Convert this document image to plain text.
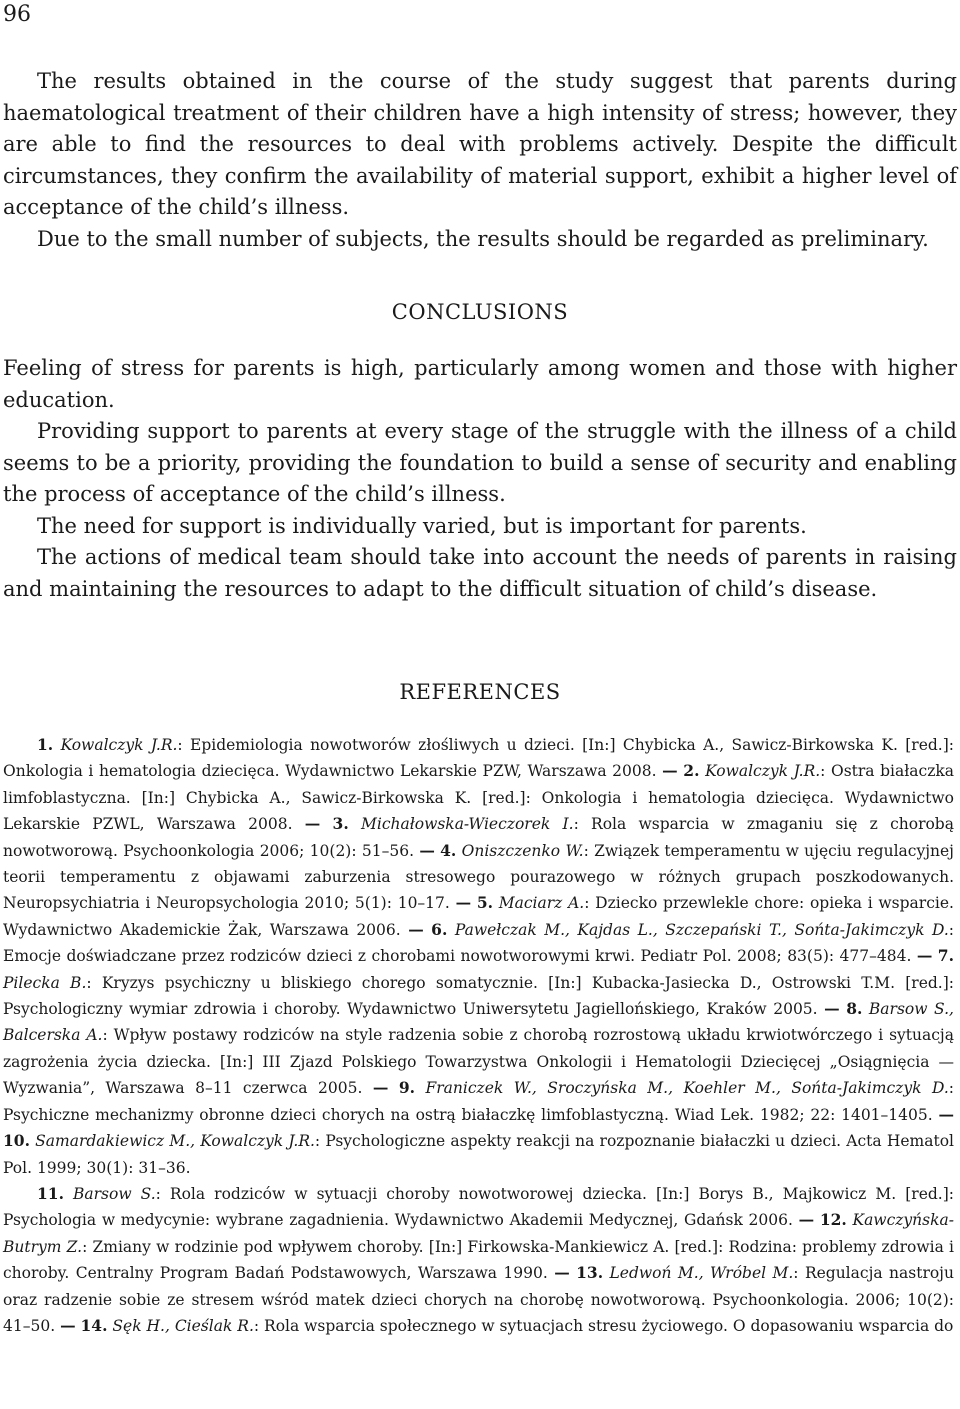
96

The results obtained in the course of the study suggest that parents during haematological treatment of their children have a high intensity of stress; however, they are able to find the resources to deal with problems actively. Despite the difficult circumstances, they confirm the availability of material support, exhibit a higher level of acceptance of the child’s illness.

Due to the small number of subjects, the results should be regarded as preliminary.

CONCLUSIONS

Feeling of stress for parents is high, particularly among women and those with higher education.

Providing support to parents at every stage of the struggle with the illness of a child seems to be a priority, providing the foundation to build a sense of security and enabling the process of acceptance of the child’s illness.

The need for support is individually varied, but is important for parents.

The actions of medical team should take into account the needs of parents in raising and maintaining the resources to adapt to the difficult situation of child’s disease.

REFERENCES

1. Kowalczyk J.R.: Epidemiologia nowotworów złośliwych u dzieci. [In:] Chybicka A., Sawicz-Birkowska K. [red.]: Onkologia i hematologia dziecięca. Wydawnictwo Lekarskie PZW, Warszawa 2008. — 2. Kowalczyk J.R.: Ostra białaczka limfoblastyczna. [In:] Chybicka A., Sawicz-Birkowska K. [red.]: Onkologia i hematologia dziecięca. Wydawnictwo Lekarskie PZWL, Warszawa 2008. — 3. Michałowska-Wieczorek I.: Rola wsparcia w zmaganiu się z chorobą nowotworową. Psychoonkologia 2006; 10(2): 51–56. — 4. Oniszczenko W.: Związek temperamentu w ujęciu regulacyjnej teorii temperamentu z objawami zaburzenia stresowego pourazowego w różnych grupach poszkodowanych. Neuropsychiatria i Neuropsychologia 2010; 5(1): 10–17. — 5. Maciarz A.: Dziecko przewlekle chore: opieka i wsparcie. Wydawnictwo Akademickie Żak, Warszawa 2006. — 6. Pawełczak M., Kajdas L., Szczepański T., Sońta-Jakimczyk D.: Emocje doświadczane przez rodziców dzieci z chorobami nowotworowymi krwi. Pediatr Pol. 2008; 83(5): 477–484. — 7. Pilecka B.: Kryzys psychiczny u bliskiego chorego somatycznie. [In:] Kubacka-Jasiecka D., Ostrowski T.M. [red.]: Psychologiczny wymiar zdrowia i choroby. Wydawnictwo Uniwersytetu Jagiellońskiego, Kraków 2005. — 8. Barsow S., Balcerska A.: Wpływ postawy rodziców na style radzenia sobie z chorobą rozrostową układu krwiotwórczego i sytuacją zagrożenia życia dziecka. [In:] III Zjazd Polskiego Towarzystwa Onkologii i Hematologii Dziecięcej „Osiągnięcia — Wyzwania”, Warszawa 8–11 czerwca 2005. — 9. Franiczek W., Sroczyńska M., Koehler M., Sońta-Jakimczyk D.: Psychiczne mechanizmy obronne dzieci chorych na ostrą białaczkę limfoblastyczną. Wiad Lek. 1982; 22: 1401–1405. — 10. Samardakiewicz M., Kowalczyk J.R.: Psychologiczne aspekty reakcji na rozpoznanie białaczki u dzieci. Acta Hematol Pol. 1999; 30(1): 31–36.

11. Barsow S.: Rola rodziców w sytuacji choroby nowotworowej dziecka. [In:] Borys B., Majkowicz M. [red.]: Psychologia w medycynie: wybrane zagadnienia. Wydawnictwo Akademii Medycznej, Gdańsk 2006. — 12. Kawczyńska-Butrym Z.: Zmiany w rodzinie pod wpływem choroby. [In:] Firkowska-Mankiewicz A. [red.]: Rodzina: problemy zdrowia i choroby. Centralny Program Badań Podstawowych, Warszawa 1990. — 13. Ledwoń M., Wróbel M.: Regulacja nastroju oraz radzenie sobie ze stresem wśród matek dzieci chorych na chorobę nowotworową. Psychoonkologia. 2006; 10(2): 41–50. — 14. Sęk H., Cieślak R.: Rola wsparcia społecznego w sytuacjach stresu życiowego. O dopasowaniu wsparcia do
